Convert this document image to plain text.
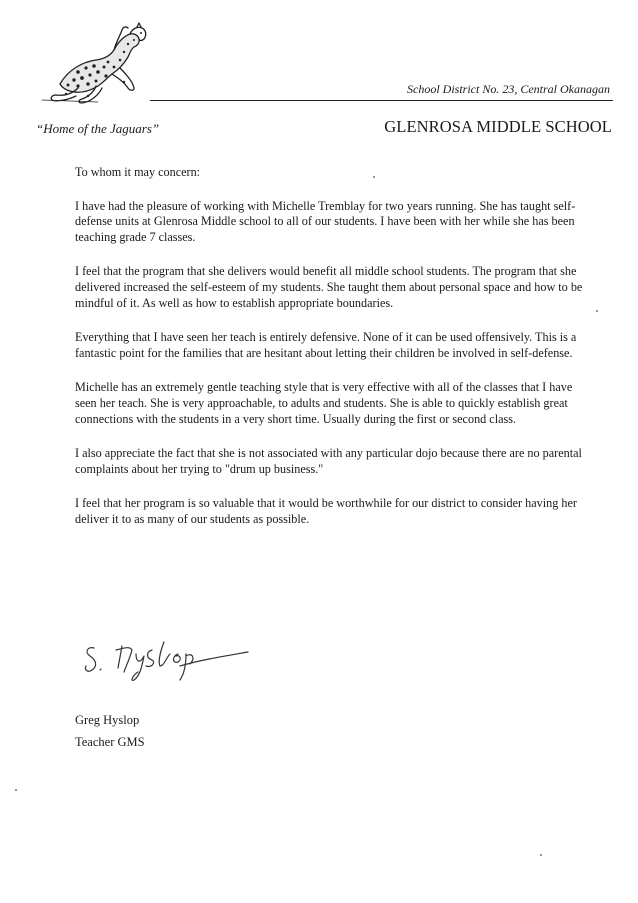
School District No. 23, Central Okanagan
“Home of the Jaguars”	GLENROSA MIDDLE SCHOOL

To whom it may concern:

I have had the pleasure of working with Michelle Tremblay for two years running. She has taught self-defense units at Glenrosa Middle school to all of our students. I have been with her while she has been teaching grade 7 classes.

I feel that the program that she delivers would benefit all middle school students. The program that she delivered increased the self-esteem of my students. She taught them about personal space and how to be mindful of it. As well as how to establish appropriate boundaries.

Everything that I have seen her teach is entirely defensive. None of it can be used offensively. This is a fantastic point for the families that are hesitant about letting their children be involved in self-defense.

Michelle has an extremely gentle teaching style that is very effective with all of the classes that I have seen her teach. She is very approachable, to adults and students. She is able to quickly establish great connections with the students in a very short time. Usually during the first or second class.

I also appreciate the fact that she is not associated with any particular dojo because there are no parental complaints about her trying to "drum up business."

I feel that her program is so valuable that it would be worthwhile for our district to consider having her deliver it to as many of our students as possible.

Greg Hyslop
Teacher GMS
